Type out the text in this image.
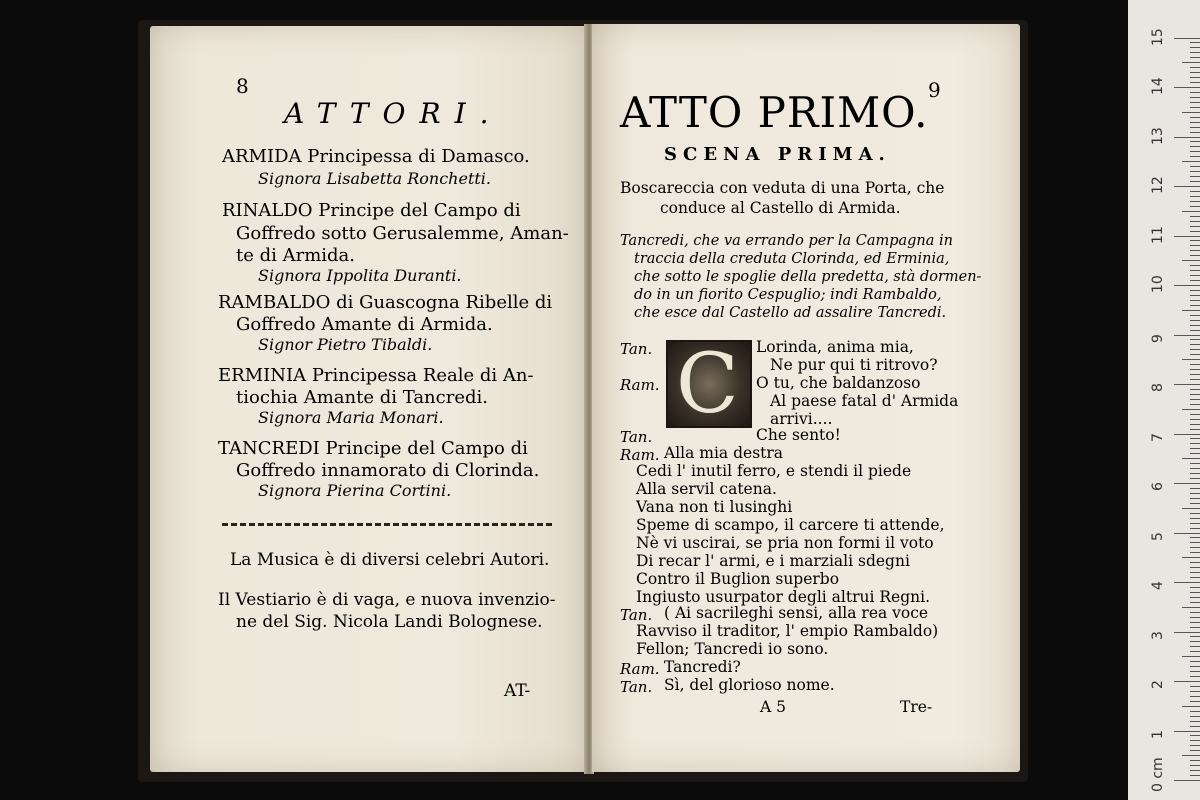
8
ATTORI.
ARMIDA Principessa di Damasco.
Signora Lisabetta Ronchetti.
RINALDO Principe del Campo di
Goffredo sotto Gerusalemme, Aman-
te di Armida.
Signora Ippolita Duranti.
RAMBALDO di Guascogna Ribelle di
Goffredo Amante di Armida.
Signor Pietro Tibaldi.
ERMINIA Principessa Reale di An-
tiochia Amante di Tancredi.
Signora Maria Monari.
TANCREDI Principe del Campo di
Goffredo innamorato di Clorinda.
Signora Pierina Cortini.
La Musica è di diversi celebri Autori.
Il Vestiario è di vaga, e nuova invenzio-
ne del Sig. Nicola Landi Bolognese.
AT-
ATTO PRIMO. 9
SCENA PRIMA.
Boscareccia con veduta di una Porta, che
conduce al Castello di Armida.
Tancredi, che va errando per la Campagna in
traccia della creduta Clorinda, ed Erminia,
che sotto le spoglie della predetta, stà dormen-
do in un fiorito Cespuglio; indi Rambaldo,
che esce dal Castello ad assalire Tancredi.
C
Tan.	Lorinda, anima mia,
Ne pur qui ti ritrovo?
Ram.	O tu, che baldanzoso
Al paese fatal d' Armida
arrivi....
Tan.	Che sento!
Ram. Alla mia destra
Cedi l' inutil ferro, e stendi il piede
Alla servil catena.
Vana non ti lusinghi
Speme di scampo, il carcere ti attende,
Nè vi uscirai, se pria non formi il voto
Di recar l' armi, e i marziali sdegni
Contro il Buglion superbo
Ingiusto usurpator degli altrui Regni.
Tan. ( Ai sacrileghi sensi, alla rea voce
Ravviso il traditor, l' empio Rambaldo)
Fellon; Tancredi io sono.
Ram. Tancredi?
Tan. Sì, del glorioso nome.
A 5	Tre-
0 cm
1
2
3
4
5
6
7
8
9
10
11
12
13
14
15
